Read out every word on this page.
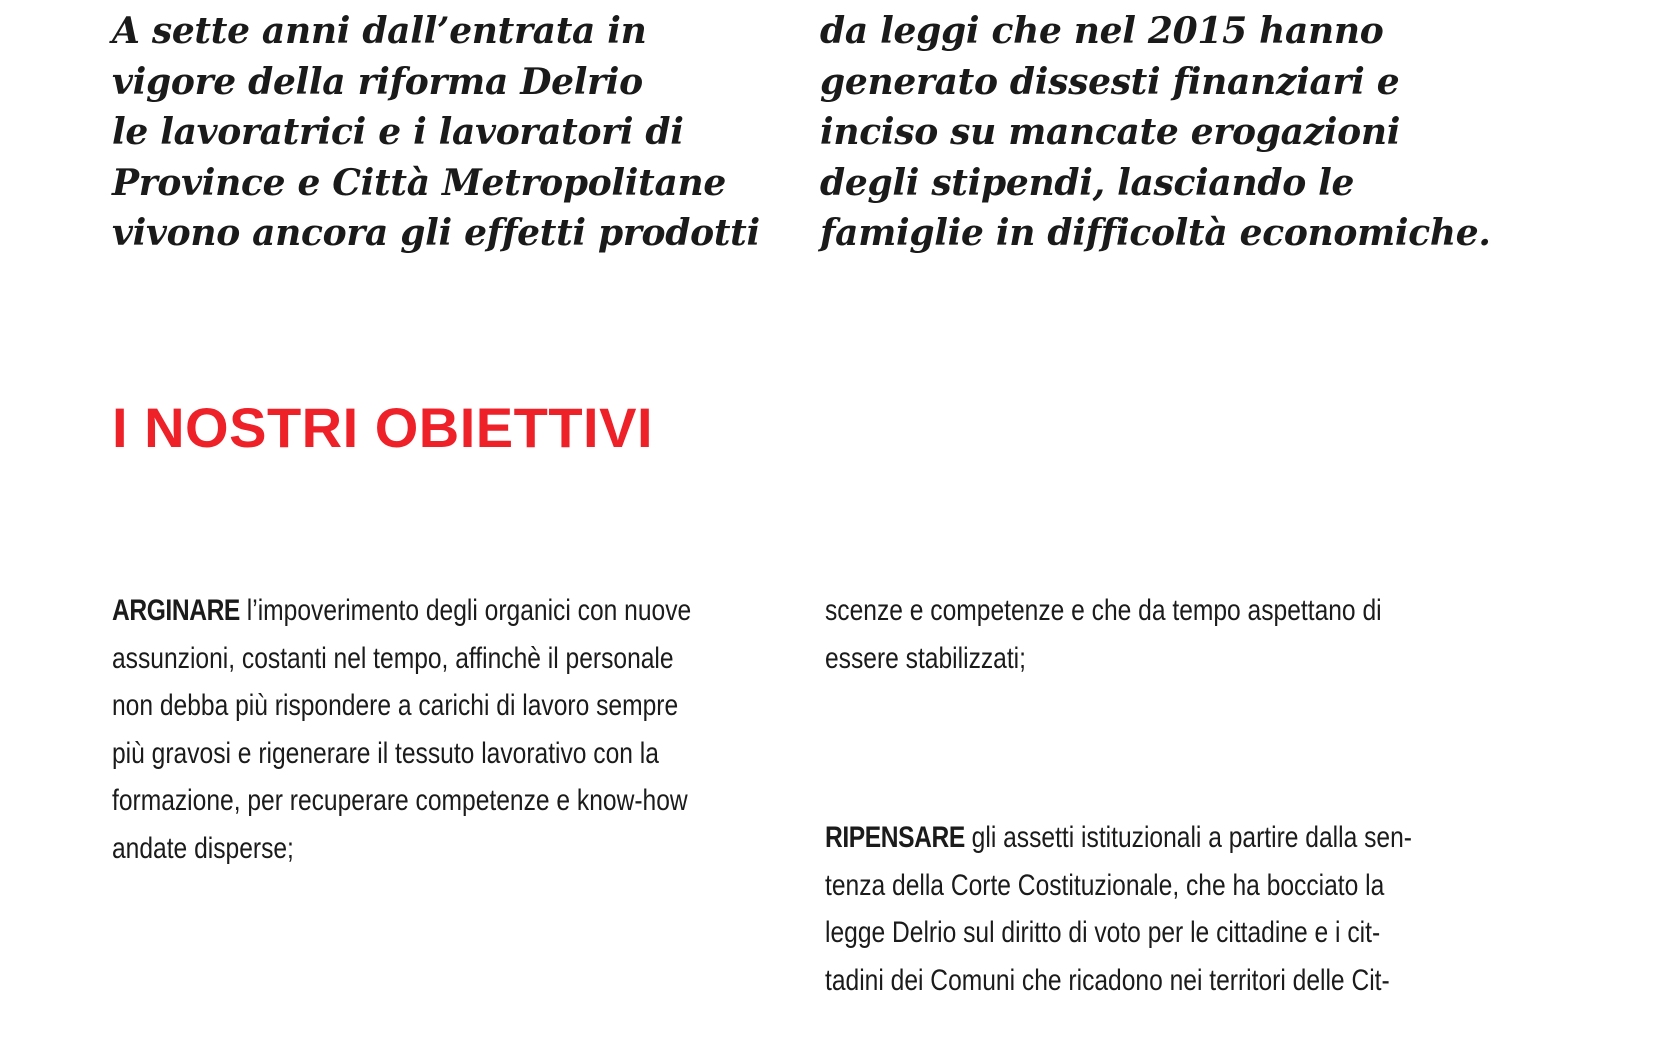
A sette anni dall’entrata in
vigore della riforma Delrio
le lavoratrici e i lavoratori di
Province e Città Metropolitane
vivono ancora gli effetti prodotti
da leggi che nel 2015 hanno
generato dissesti finanziari e
inciso su mancate erogazioni
degli stipendi, lasciando le
famiglie in difficoltà economiche.
I NOSTRI OBIETTIVI

ARGINARE l’impoverimento degli organici con nuove
assunzioni, costanti nel tempo, affinchè il personale
non debba più rispondere a carichi di lavoro sempre
più gravosi e rigenerare il tessuto lavorativo con la
formazione, per recuperare competenze e know-how
andate disperse;

scenze e competenze e che da tempo aspettano di
essere stabilizzati;

RIPENSARE gli assetti istituzionali a partire dalla sen-
tenza della Corte Costituzionale, che ha bocciato la
legge Delrio sul diritto di voto per le cittadine e i cit-
tadini dei Comuni che ricadono nei territori delle Cit-
